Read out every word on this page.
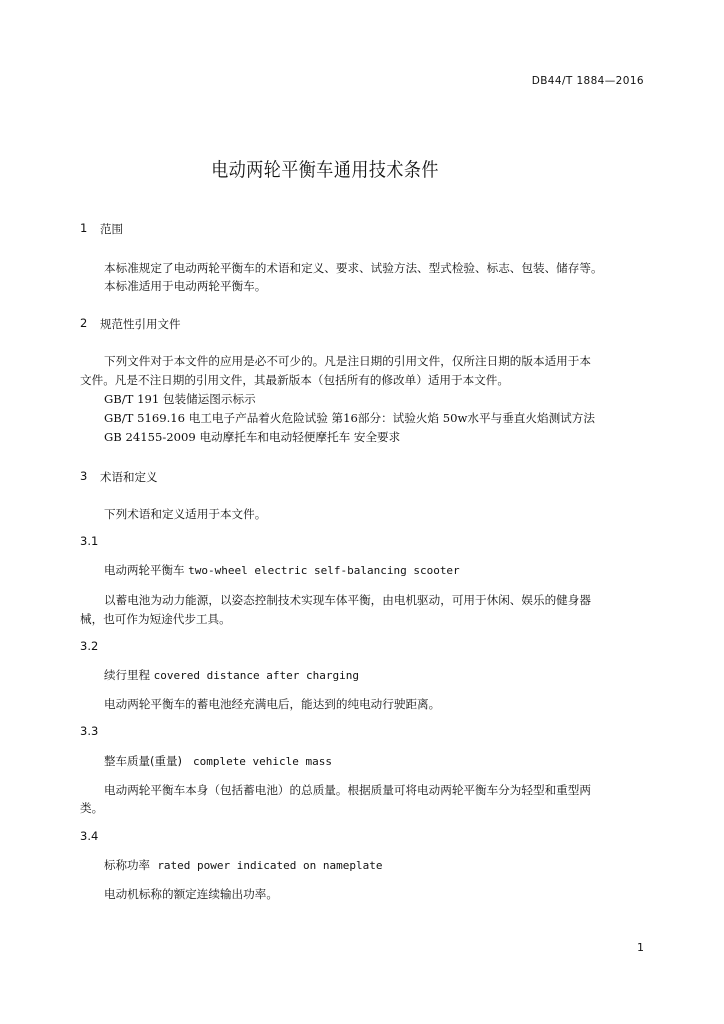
DB44/T 1884—2016
电动两轮平衡车通用技术条件
1 范围
本标准规定了电动两轮平衡车的术语和定义、要求、试验方法、型式检验、标志、包装、储存等。
本标准适用于电动两轮平衡车。
2 规范性引用文件
下列文件对于本文件的应用是必不可少的。凡是注日期的引用文件，仅所注日期的版本适用于本
文件。凡是不注日期的引用文件，其最新版本（包括所有的修改单）适用于本文件。
GB/T 191 包装储运图示标示
GB/T 5169.16 电工电子产品着火危险试验 第16部分：试验火焰 50w水平与垂直火焰测试方法
GB 24155-2009 电动摩托车和电动轻便摩托车 安全要求
3 术语和定义
下列术语和定义适用于本文件。
3.1
电动两轮平衡车 two-wheel electric self-balancing scooter
以蓄电池为动力能源，以姿态控制技术实现车体平衡，由电机驱动，可用于休闲、娱乐的健身器
械，也可作为短途代步工具。
3.2
续行里程 covered distance after charging
电动两轮平衡车的蓄电池经充满电后，能达到的纯电动行驶距离。
3.3
整车质量(重量) complete vehicle mass
电动两轮平衡车本身（包括蓄电池）的总质量。根据质量可将电动两轮平衡车分为轻型和重型两
类。
3.4
标称功率 rated power indicated on nameplate
电动机标称的额定连续输出功率。
1
